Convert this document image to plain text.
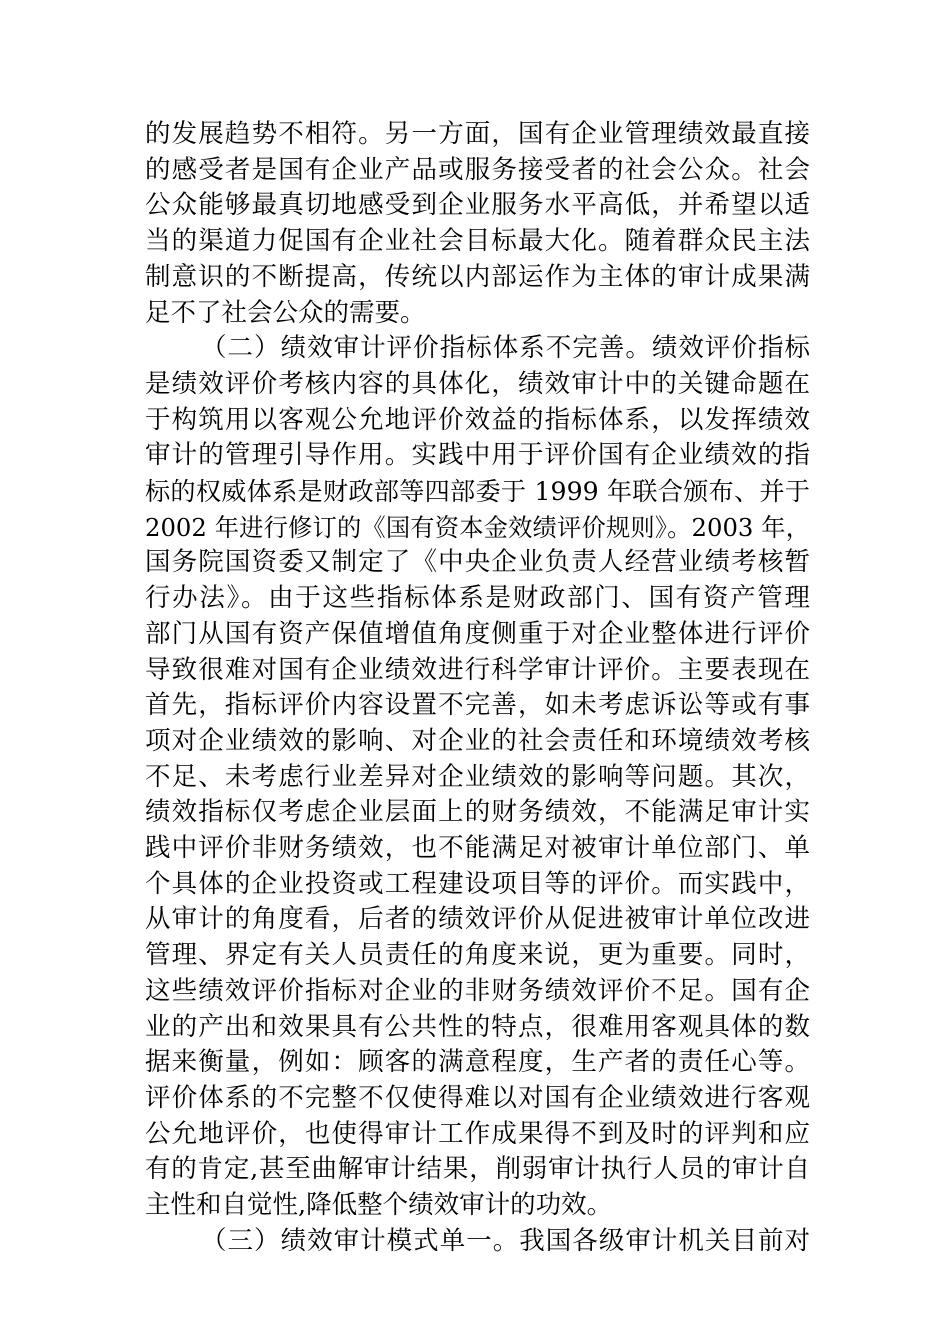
的发展趋势不相符。另一方面，国有企业管理绩效最直接
的感受者是国有企业产品或服务接受者的社会公众。社会
公众能够最真切地感受到企业服务水平高低，并希望以适
当的渠道力促国有企业社会目标最大化。随着群众民主法
制意识的不断提高，传统以内部运作为主体的审计成果满
足不了社会公众的需要。
（二）绩效审计评价指标体系不完善。绩效评价指标
是绩效评价考核内容的具体化，绩效审计中的关键命题在
于构筑用以客观公允地评价效益的指标体系，以发挥绩效
审计的管理引导作用。实践中用于评价国有企业绩效的指
标的权威体系是财政部等四部委于 1999 年联合颁布、并于
2002 年进行修订的《国有资本金效绩评价规则》。2003 年，
国务院国资委又制定了《中央企业负责人经营业绩考核暂
行办法》。由于这些指标体系是财政部门、国有资产管理
部门从国有资产保值增值角度侧重于对企业整体进行评价
导致很难对国有企业绩效进行科学审计评价。主要表现在
首先，指标评价内容设置不完善，如未考虑诉讼等或有事
项对企业绩效的影响、对企业的社会责任和环境绩效考核
不足、未考虑行业差异对企业绩效的影响等问题。其次，
绩效指标仅考虑企业层面上的财务绩效，不能满足审计实
践中评价非财务绩效，也不能满足对被审计单位部门、单
个具体的企业投资或工程建设项目等的评价。而实践中，
从审计的角度看，后者的绩效评价从促进被审计单位改进
管理、界定有关人员责任的角度来说，更为重要。同时，
这些绩效评价指标对企业的非财务绩效评价不足。国有企
业的产出和效果具有公共性的特点，很难用客观具体的数
据来衡量，例如：顾客的满意程度，生产者的责任心等。
评价体系的不完整不仅使得难以对国有企业绩效进行客观
公允地评价，也使得审计工作成果得不到及时的评判和应
有的肯定,甚至曲解审计结果，削弱审计执行人员的审计自
主性和自觉性,降低整个绩效审计的功效。
（三）绩效审计模式单一。我国各级审计机关目前对
